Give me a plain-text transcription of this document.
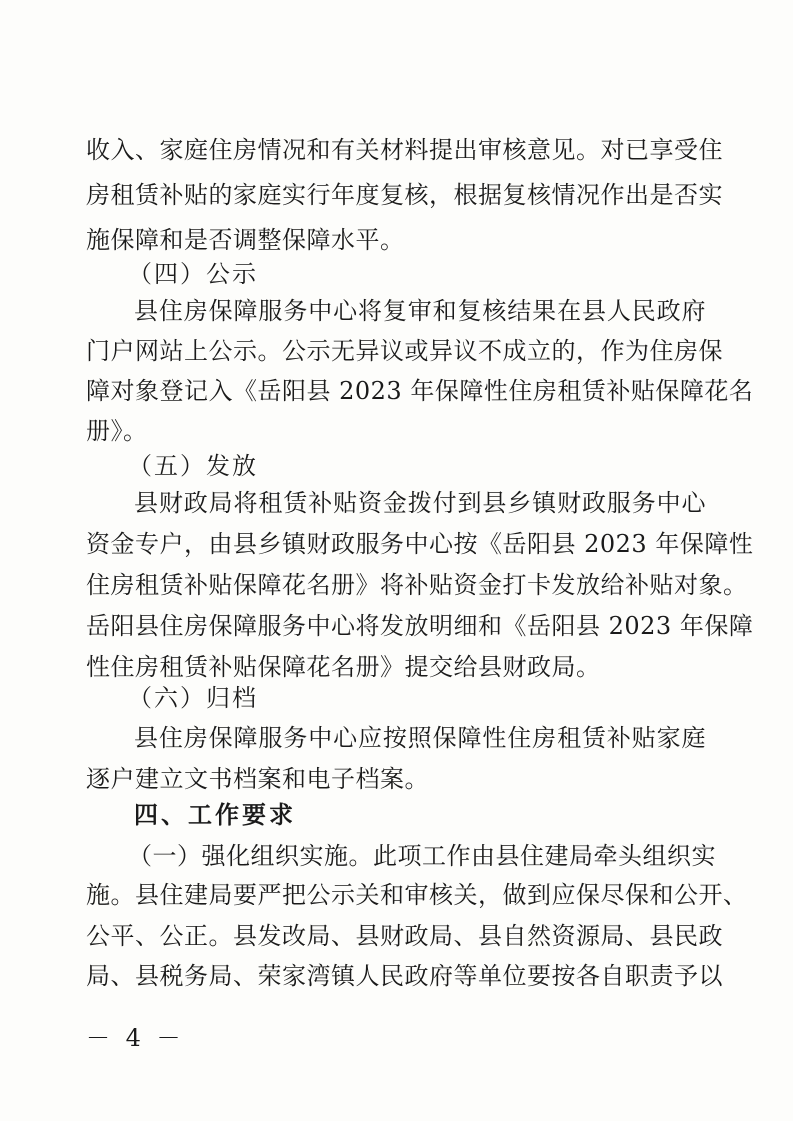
收入、家庭住房情况和有关材料提出审核意见。对已享受住
房租赁补贴的家庭实行年度复核，根据复核情况作出是否实
施保障和是否调整保障水平。
（四）公示
县住房保障服务中心将复审和复核结果在县人民政府
门户网站上公示。公示无异议或异议不成立的，作为住房保
障对象登记入《岳阳县 2023 年保障性住房租赁补贴保障花名
册》。
（五）发放
县财政局将租赁补贴资金拨付到县乡镇财政服务中心
资金专户，由县乡镇财政服务中心按《岳阳县 2023 年保障性
住房租赁补贴保障花名册》将补贴资金打卡发放给补贴对象。
岳阳县住房保障服务中心将发放明细和《岳阳县 2023 年保障
性住房租赁补贴保障花名册》提交给县财政局。
（六）归档
县住房保障服务中心应按照保障性住房租赁补贴家庭
逐户建立文书档案和电子档案。
四、工作要求
（一）强化组织实施。此项工作由县住建局牵头组织实
施。县住建局要严把公示关和审核关，做到应保尽保和公开、
公平、公正。县发改局、县财政局、县自然资源局、县民政
局、县税务局、荣家湾镇人民政府等单位要按各自职责予以
－ 4 －
